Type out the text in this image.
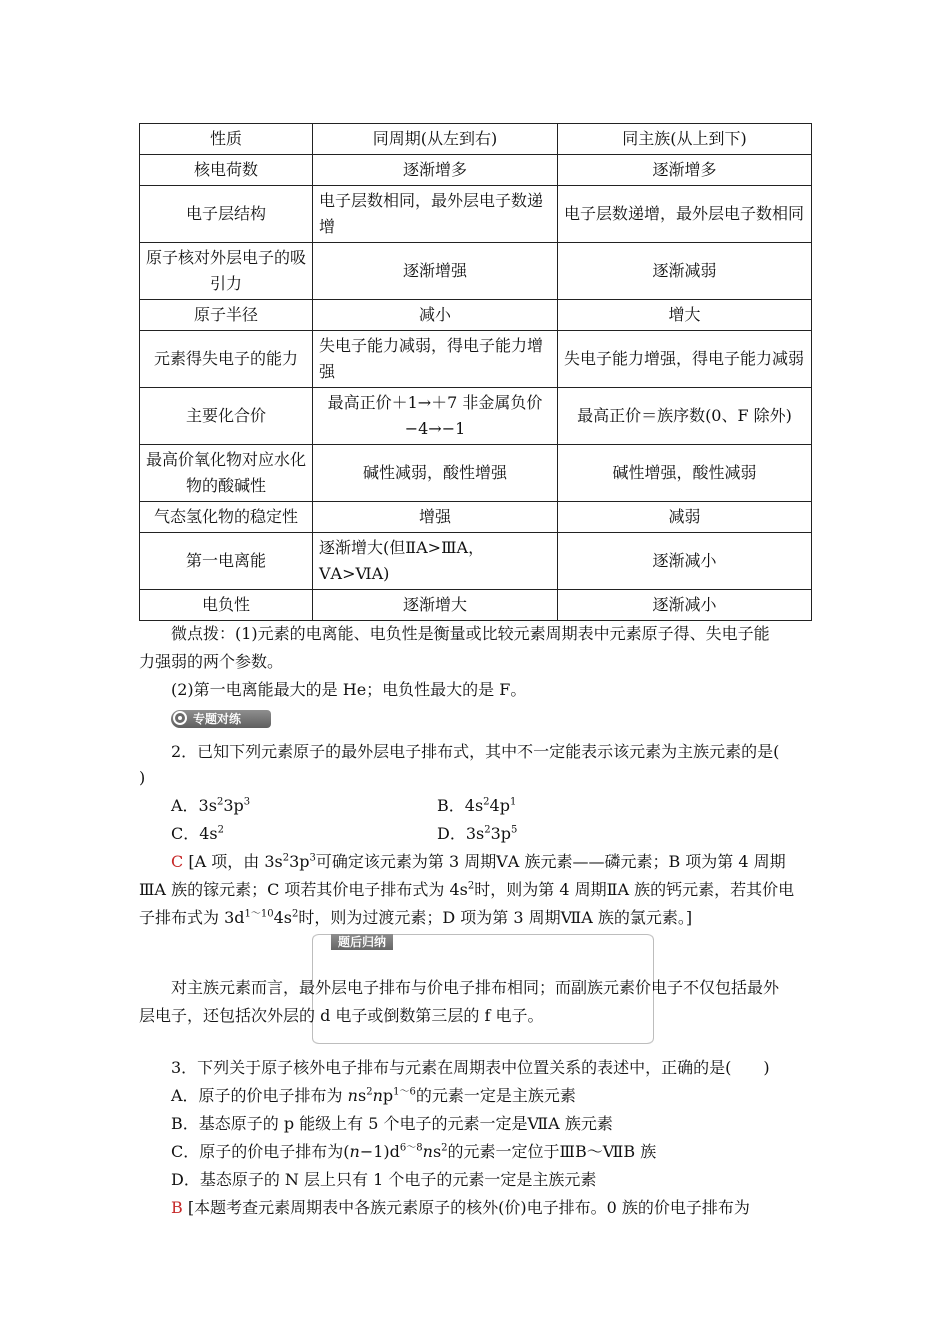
性质	同周期(从左到右)	同主族(从上到下)
核电荷数	逐渐增多	逐渐增多
电子层结构	电子层数相同，最外层电子数递增	电子层数递增，最外层电子数相同
原子核对外层电子的吸引力	逐渐增强	逐渐减弱
原子半径	减小	增大
元素得失电子的能力	失电子能力减弱，得电子能力增强	失电子能力增强，得电子能力减弱
主要化合价	最高正价＋1→＋7 非金属负价−4→−1	最高正价＝族序数(0、F 除外)
最高价氧化物对应水化物的酸碱性	碱性减弱，酸性增强	碱性增强，酸性减弱
气态氢化物的稳定性	增强	减弱
第一电离能	逐渐增大(但ⅡA>ⅢA，ⅤA>ⅥA)	逐渐减小
电负性	逐渐增大	逐渐减小
微点拨：(1)元素的电离能、电负性是衡量或比较元素周期表中元素原子得、失电子能
力强弱的两个参数。
(2)第一电离能最大的是 He；电负性最大的是 F。
专题对练
2．已知下列元素原子的最外层电子排布式，其中不一定能表示该元素为主族元素的是(
)
A．$3s^23p^3$	B．$4s^24p^1$
C．$4s^2$	D．$3s^23p^5$
C [A 项，由 $3s^23p^3$可确定该元素为第 3 周期ⅤA 族元素——磷元素；B 项为第 4 周期
ⅢA 族的镓元素；C 项若其价电子排布式为 $4s^2$时，则为第 4 周期ⅡA 族的钙元素，若其价电
子排布式为 $3d^{1\sim 10}4s^2$时，则为过渡元素；D 项为第 3 周期ⅦA 族的氯元素。]
题后归纳
对主族元素而言，最外层电子排布与价电子排布相同；而副族元素价电子不仅包括最外
层电子，还包括次外层的 d 电子或倒数第三层的 f 电子。
3．下列关于原子核外电子排布与元素在周期表中位置关系的表述中，正确的是(　　)
A．原子的价电子排布为 $ns^2np^{1\sim 6}$的元素一定是主族元素
B．基态原子的 p 能级上有 5 个电子的元素一定是ⅦA 族元素
C．原子的价电子排布为$(n-1)d^{6\sim 8}ns^2$的元素一定位于ⅢB～ⅦB 族
D．基态原子的 N 层上只有 1 个电子的元素一定是主族元素
B [本题考查元素周期表中各族元素原子的核外(价)电子排布。0 族的价电子排布为
